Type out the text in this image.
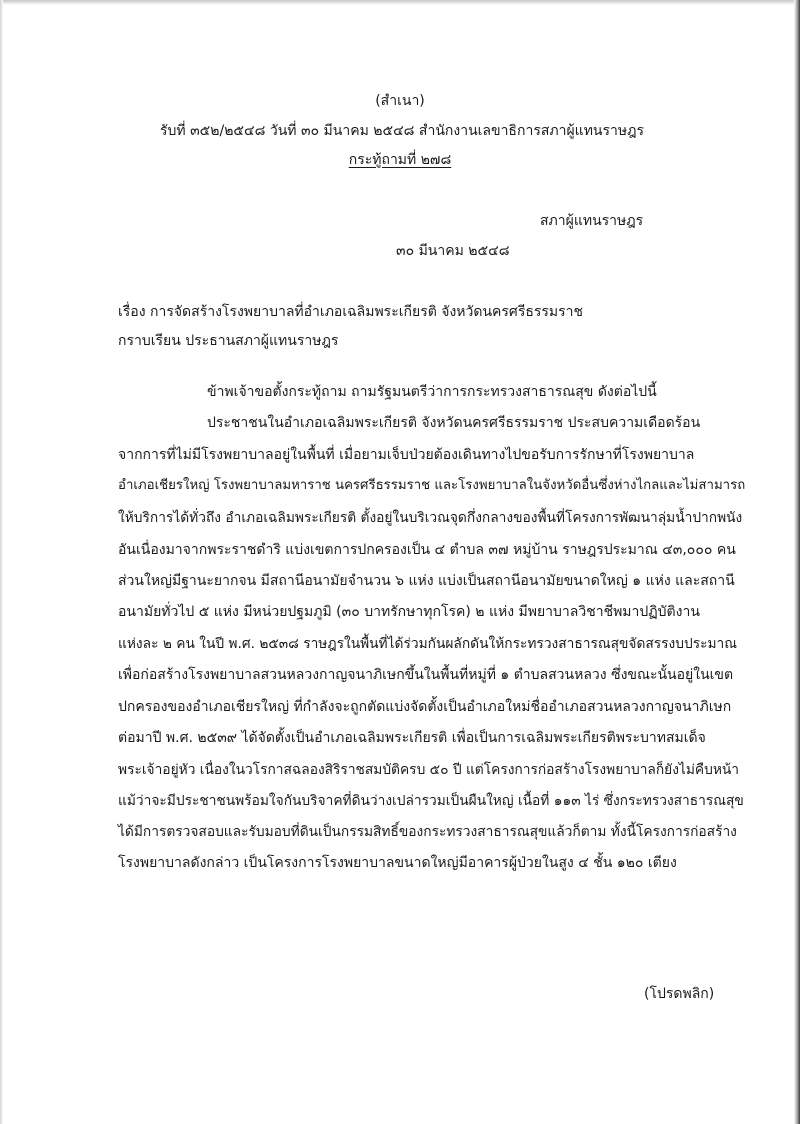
(สำเนา)

รับที่ ๓๕๒/๒๕๔๘ วันที่ ๓๐ มีนาคม ๒๕๔๘ สำนักงานเลขาธิการสภาผู้แทนราษฎร

กระทู้ถามที่ ๒๗๘

สภาผู้แทนราษฎร

๓๐ มีนาคม ๒๕๔๘

เรื่อง การจัดสร้างโรงพยาบาลที่อำเภอเฉลิมพระเกียรติ จังหวัดนครศรีธรรมราช

กราบเรียน ประธานสภาผู้แทนราษฎร

ข้าพเจ้าขอตั้งกระทู้ถาม ถามรัฐมนตรีว่าการกระทรวงสาธารณสุข ดังต่อไปนี้

ประชาชนในอำเภอเฉลิมพระเกียรติ จังหวัดนครศรีธรรมราช ประสบความเดือดร้อน

จากการที่ไม่มีโรงพยาบาลอยู่ในพื้นที่ เมื่อยามเจ็บป่วยต้องเดินทางไปขอรับการรักษาที่โรงพยาบาล

อำเภอเชียรใหญ่ โรงพยาบาลมหาราช นครศรีธรรมราช และโรงพยาบาลในจังหวัดอื่นซึ่งห่างไกลและไม่สามารถ

ให้บริการได้ทั่วถึง อำเภอเฉลิมพระเกียรติ ตั้งอยู่ในบริเวณจุดกึ่งกลางของพื้นที่โครงการพัฒนาลุ่มน้ำปากพนัง

อันเนื่องมาจากพระราชดำริ แบ่งเขตการปกครองเป็น ๔ ตำบล ๓๗ หมู่บ้าน ราษฎรประมาณ ๔๓,๐๐๐ คน

ส่วนใหญ่มีฐานะยากจน มีสถานีอนามัยจำนวน ๖ แห่ง แบ่งเป็นสถานีอนามัยขนาดใหญ่ ๑ แห่ง และสถานี

อนามัยทั่วไป ๕ แห่ง มีหน่วยปฐมภูมิ (๓๐ บาทรักษาทุกโรค) ๒ แห่ง มีพยาบาลวิชาชีพมาปฏิบัติงาน

แห่งละ ๒ คน ในปี พ.ศ. ๒๕๓๘ ราษฎรในพื้นที่ได้ร่วมกันผลักดันให้กระทรวงสาธารณสุขจัดสรรงบประมาณ

เพื่อก่อสร้างโรงพยาบาลสวนหลวงกาญจนาภิเษกขึ้นในพื้นที่หมู่ที่ ๑ ตำบลสวนหลวง ซึ่งขณะนั้นอยู่ในเขต

ปกครองของอำเภอเชียรใหญ่ ที่กำลังจะถูกตัดแบ่งจัดตั้งเป็นอำเภอใหม่ชื่ออำเภอสวนหลวงกาญจนาภิเษก

ต่อมาปี พ.ศ. ๒๕๓๙ ได้จัดตั้งเป็นอำเภอเฉลิมพระเกียรติ เพื่อเป็นการเฉลิมพระเกียรติพระบาทสมเด็จ

พระเจ้าอยู่หัว เนื่องในวโรกาสฉลองสิริราชสมบัติครบ ๕๐ ปี แต่โครงการก่อสร้างโรงพยาบาลก็ยังไม่คืบหน้า

แม้ว่าจะมีประชาชนพร้อมใจกันบริจาคที่ดินว่างเปล่ารวมเป็นผืนใหญ่ เนื้อที่ ๑๑๓ ไร่ ซึ่งกระทรวงสาธารณสุข

ได้มีการตรวจสอบและรับมอบที่ดินเป็นกรรมสิทธิ์ของกระทรวงสาธารณสุขแล้วก็ตาม ทั้งนี้โครงการก่อสร้าง

โรงพยาบาลดังกล่าว เป็นโครงการโรงพยาบาลขนาดใหญ่มีอาคารผู้ป่วยในสูง ๔ ชั้น ๑๒๐ เตียง

(โปรดพลิก)
